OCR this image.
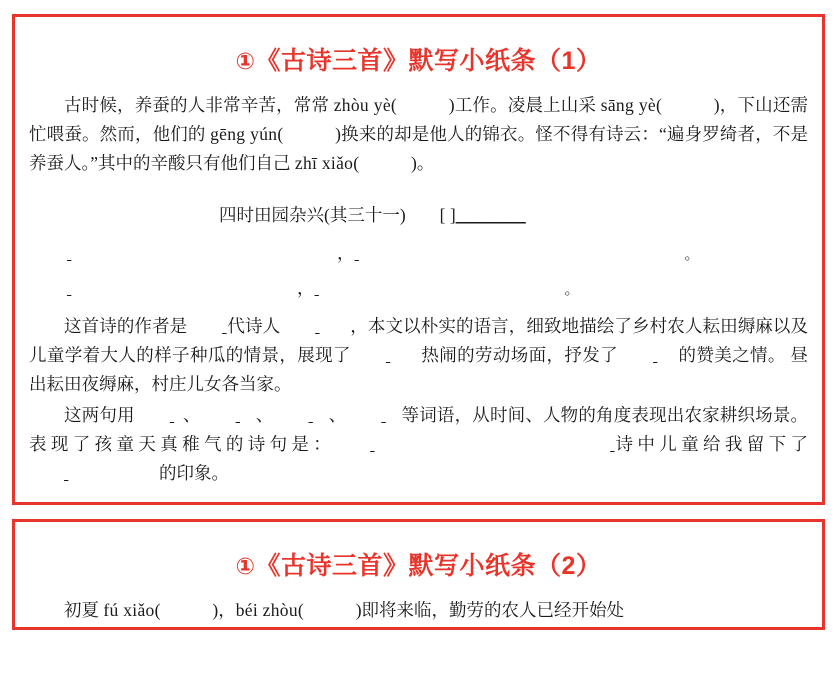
①《古诗三首》默写小纸条（1）

古时候，养蚕的人非常辛苦，常常 zhòu yè(	)工作。凌晨上山采 sāng yè(	)，下山还需忙喂蚕。然而，他们的 gēng yún(	)换来的却是他人的锦衣。怪不得有诗云：“遍身罗绮者，不是养蚕人。”其中的辛酸只有他们自己 zhī xiǎo(	)。

四时田园杂兴(其三十一) [ ]________
，	。
，	。

这首诗的作者是 代诗人	，本文以朴实的语言，细致地描绘了乡村农人耘田缛麻以及儿童学着大人的样子种瓜的情景，展现了	热闹的劳动场面，抒发了	的赞美之情。 昼出耘田夜缛麻，村庄儿女各当家。

这两句用	、	、	、	等词语，从时间、人物的角度表现出农家耕织场景。表现了孩童天真稚气的诗句是：	诗中儿童给我留下了 的印象。

①《古诗三首》默写小纸条（2）

初夏 fú xiǎo(	)，béi zhòu(	)即将来临，勤劳的农人已经开始处
